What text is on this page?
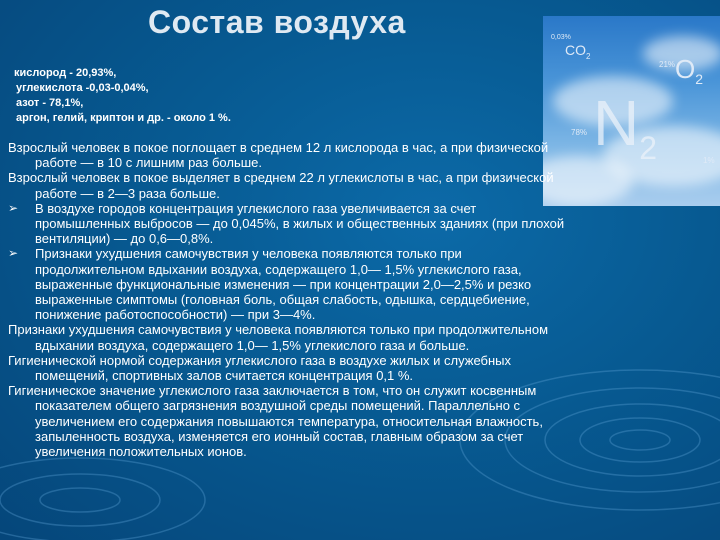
Состав воздуха
кислород - 20,93%,
углекислота -0,03-0,04%,
азот - 78,1%,
аргон, гелий, криптон и др. - около 1 %.
0,03%
$CO_2$
21% $O_2$
78% $N_2$	1%
Взрослый человек в покое поглощает в среднем 12 л кислорода в час, а при физической работе — в 10 с лишним раз больше.
Взрослый человек в покое выделяет в среднем 22 л углекислоты в час, а при физической работе — в 2—3 раза больше.
➢	В воздухе городов концентрация углекислого газа увеличивается за счет промышленных выбросов — до 0,045%, в жилых и общественных зданиях (при плохой вентиляции) — до 0,6—0,8%.
➢	Признаки ухудшения самочувствия у человека появляются только при продолжительном вдыхании воздуха, содержащего 1,0— 1,5% углекислого газа, выраженные функциональные изменения — при концентрации 2,0—2,5% и резко выраженные симптомы (головная боль, общая слабость, одышка, сердцебиение, понижение работоспособности) — при 3—4%.
Признаки ухудшения самочувствия у человека появляются только при продолжительном вдыхании воздуха, содержащего 1,0— 1,5% углекислого газа и больше.
Гигиенической нормой содержания углекислого газа в воздухе жилых и служебных помещений, спортивных залов считается концентрация 0,1 %.
Гигиеническое значение углекислого газа заключается в том, что он служит косвенным показателем общего загрязнения воздушной среды помещений. Параллельно с увеличением его содержания повышаются температура, относительная влажность, запыленность воздуха, изменяется его ионный состав, главным образом за счет увеличения положительных ионов.
